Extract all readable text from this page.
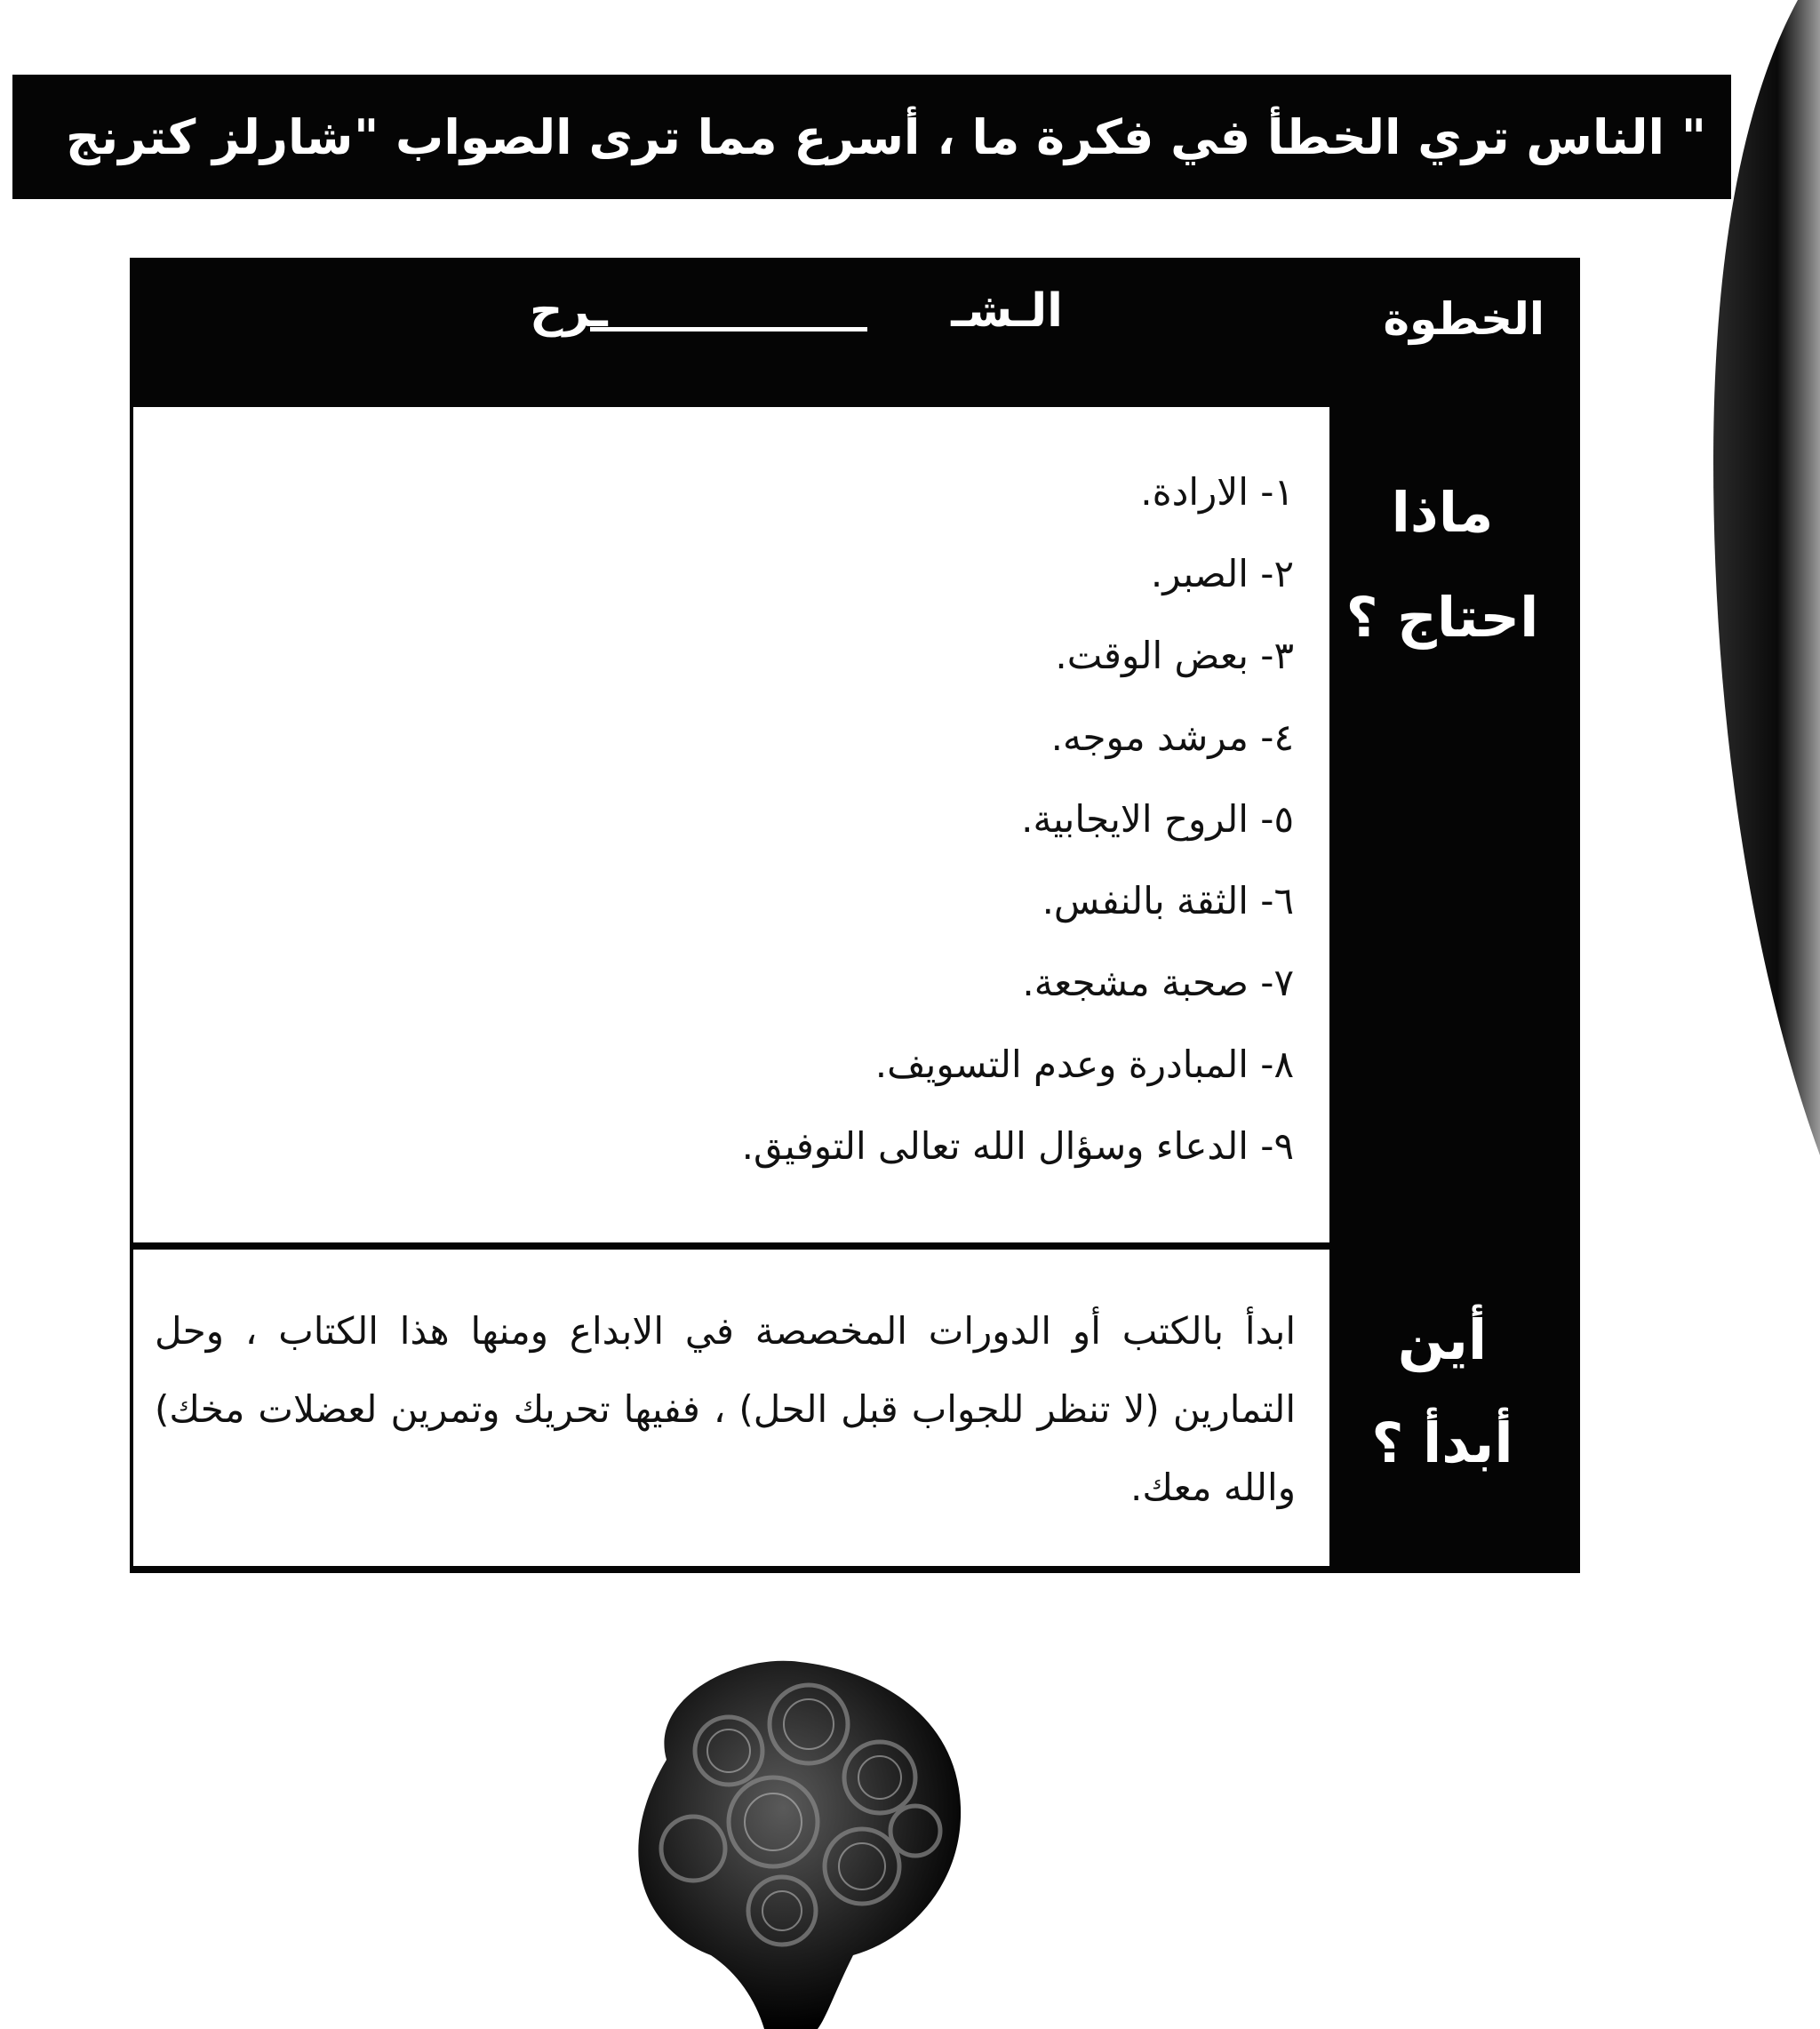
" الناس تري الخطأ في فكرة ما ، أسرع مما ترى الصواب "
شارلز كترنج
الخطوة
الـشـ
ـرح
ماذا
احتاج ؟
١- الارادة.
٢- الصبر.
٣- بعض الوقت.
٤- مرشد موجه.
٥- الروح الايجابية.
٦- الثقة بالنفس.
٧- صحبة مشجعة.
٨- المبادرة وعدم التسويف.
٩- الدعاء وسؤال الله تعالى التوفيق.
أين
أبدأ ؟
ابدأ بالكتب أو الدورات المخصصة في الابداع ومنها هذا الكتاب ، وحل التمارين (لا تنظر للجواب قبل الحل) ، ففيها تحريك وتمرين لعضلات مخك) والله معك.
